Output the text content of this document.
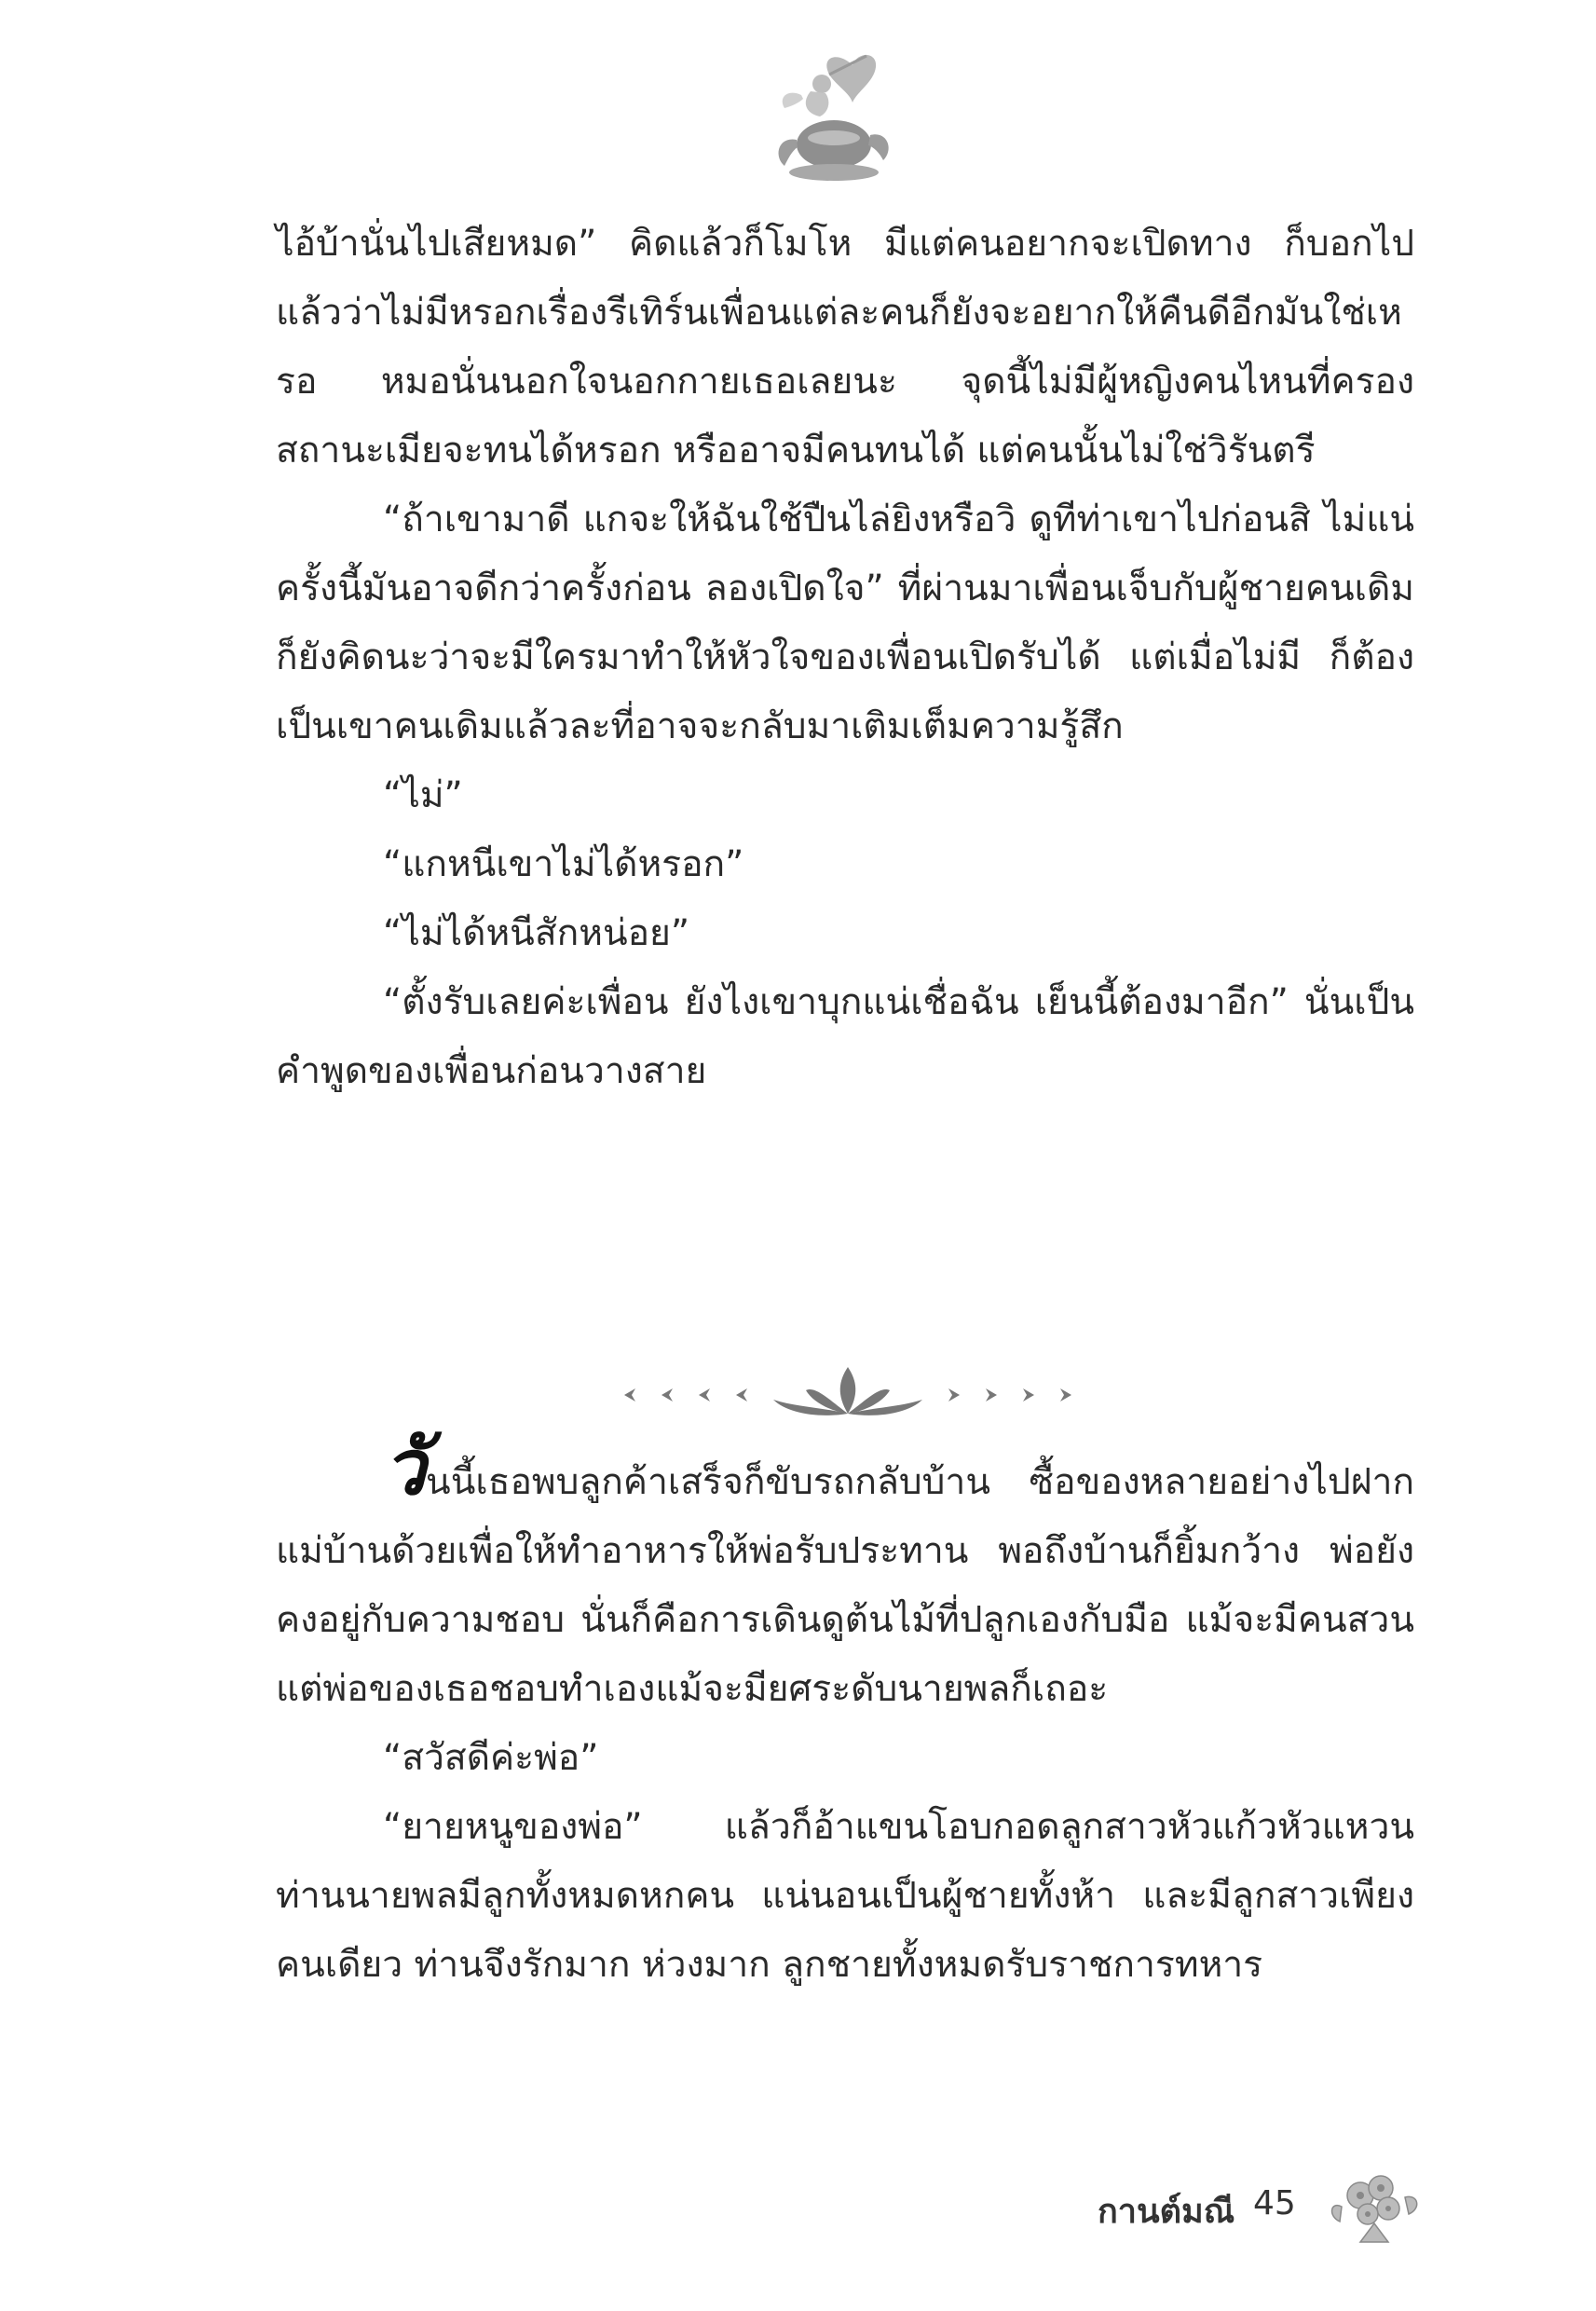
ไอ้บ้านั่นไปเสียหมด” คิดแล้วก็โมโห มีแต่คนอยากจะเปิดทาง ก็บอกไปแล้วว่าไม่มีหรอกเรื่องรีเทิร์นเพื่อนแต่ละคนก็ยังจะอยากให้คืนดีอีกมันใช่เหรอ หมอนั่นนอกใจนอกกายเธอเลยนะ จุดนี้ไม่มีผู้หญิงคนไหนที่ครองสถานะเมียจะทนได้หรอก หรืออาจมีคนทนได้ แต่คนนั้นไม่ใช่วิรันตรี

“ถ้าเขามาดี แกจะให้ฉันใช้ปืนไล่ยิงหรือวิ ดูทีท่าเขาไปก่อนสิ ไม่แน่ครั้งนี้มันอาจดีกว่าครั้งก่อน ลองเปิดใจ” ที่ผ่านมาเพื่อนเจ็บกับผู้ชายคนเดิม ก็ยังคิดนะว่าจะมีใครมาทำให้หัวใจของเพื่อนเปิดรับได้ แต่เมื่อไม่มี ก็ต้องเป็นเขาคนเดิมแล้วละที่อาจจะกลับมาเติมเต็มความรู้สึก

“ไม่”

“แกหนีเขาไม่ได้หรอก”

“ไม่ได้หนีสักหน่อย”

“ตั้งรับเลยค่ะเพื่อน ยังไงเขาบุกแน่เชื่อฉัน เย็นนี้ต้องมาอีก” นั่นเป็นคำพูดของเพื่อนก่อนวางสาย

วันนี้เธอพบลูกค้าเสร็จก็ขับรถกลับบ้าน ซื้อของหลายอย่างไปฝากแม่บ้านด้วยเพื่อให้ทำอาหารให้พ่อรับประทาน พอถึงบ้านก็ยิ้มกว้าง พ่อยังคงอยู่กับความชอบ นั่นก็คือการเดินดูต้นไม้ที่ปลูกเองกับมือ แม้จะมีคนสวนแต่พ่อของเธอชอบทำเองแม้จะมียศระดับนายพลก็เถอะ

“สวัสดีค่ะพ่อ”

“ยายหนูของพ่อ” แล้วก็อ้าแขนโอบกอดลูกสาวหัวแก้วหัวแหวน ท่านนายพลมีลูกทั้งหมดหกคน แน่นอนเป็นผู้ชายทั้งห้า และมีลูกสาวเพียงคนเดียว ท่านจึงรักมาก ห่วงมาก ลูกชายทั้งหมดรับราชการทหาร

กานต์มณี 45
